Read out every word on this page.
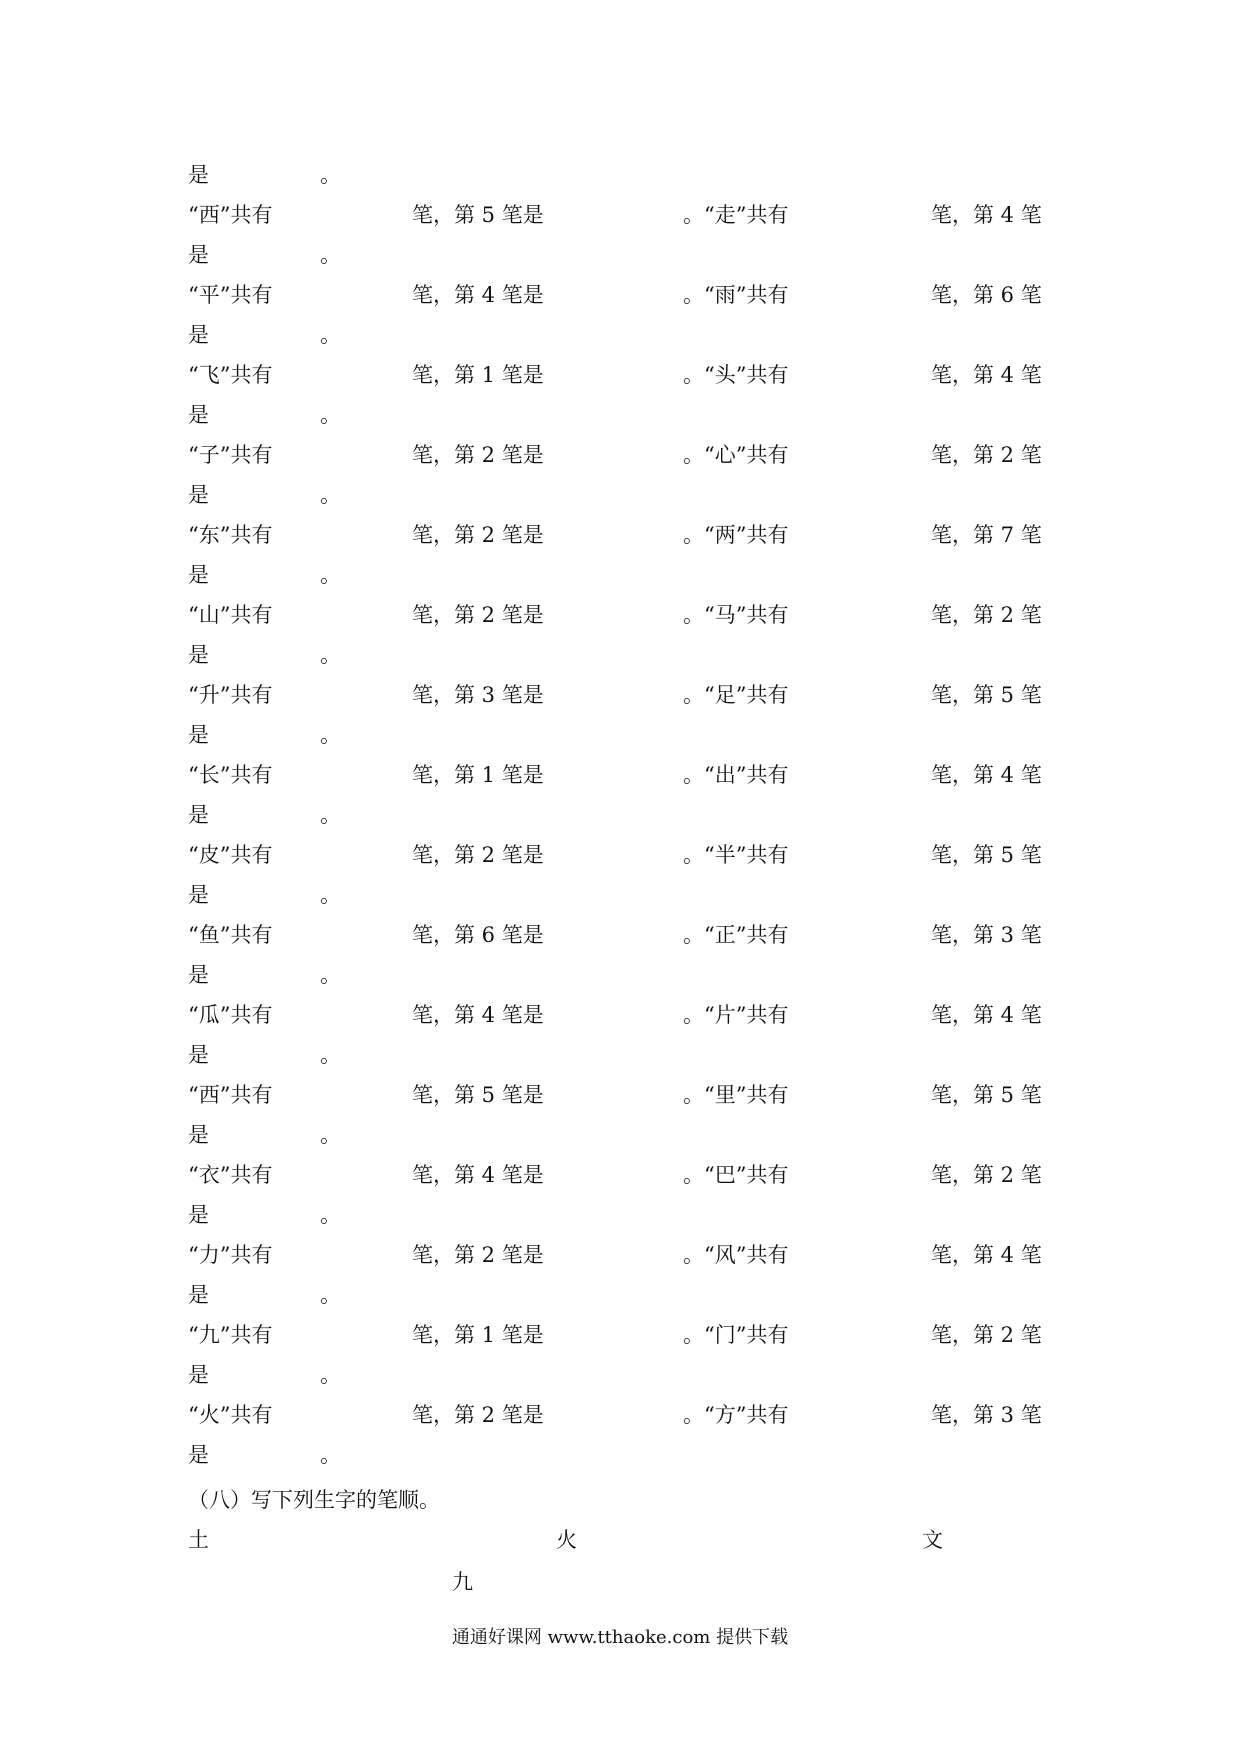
是	。
“西”共有	笔，第 5 笔是	。“走”共有	笔，第 4 笔
是	。
“平”共有	笔，第 4 笔是	。“雨”共有	笔，第 6 笔
是	。
“飞”共有	笔，第 1 笔是	。“头”共有	笔，第 4 笔
是	。
“子”共有	笔，第 2 笔是	。“心”共有	笔，第 2 笔
是	。
“东”共有	笔，第 2 笔是	。“两”共有	笔，第 7 笔
是	。
“山”共有	笔，第 2 笔是	。“马”共有	笔，第 2 笔
是	。
“升”共有	笔，第 3 笔是	。“足”共有	笔，第 5 笔
是	。
“长”共有	笔，第 1 笔是	。“出”共有	笔，第 4 笔
是	。
“皮”共有	笔，第 2 笔是	。“半”共有	笔，第 5 笔
是	。
“鱼”共有	笔，第 6 笔是	。“正”共有	笔，第 3 笔
是	。
“瓜”共有	笔，第 4 笔是	。“片”共有	笔，第 4 笔
是	。
“西”共有	笔，第 5 笔是	。“里”共有	笔，第 5 笔
是	。
“衣”共有	笔，第 4 笔是	。“巴”共有	笔，第 2 笔
是	。
“力”共有	笔，第 2 笔是	。“风”共有	笔，第 4 笔
是	。
“九”共有	笔，第 1 笔是	。“门”共有	笔，第 2 笔
是	。
“火”共有	笔，第 2 笔是	。“方”共有	笔，第 3 笔
是	。
（八）写下列生字的笔顺。
土	火	文
九
通通好课网 www.tthaoke.com 提供下载
